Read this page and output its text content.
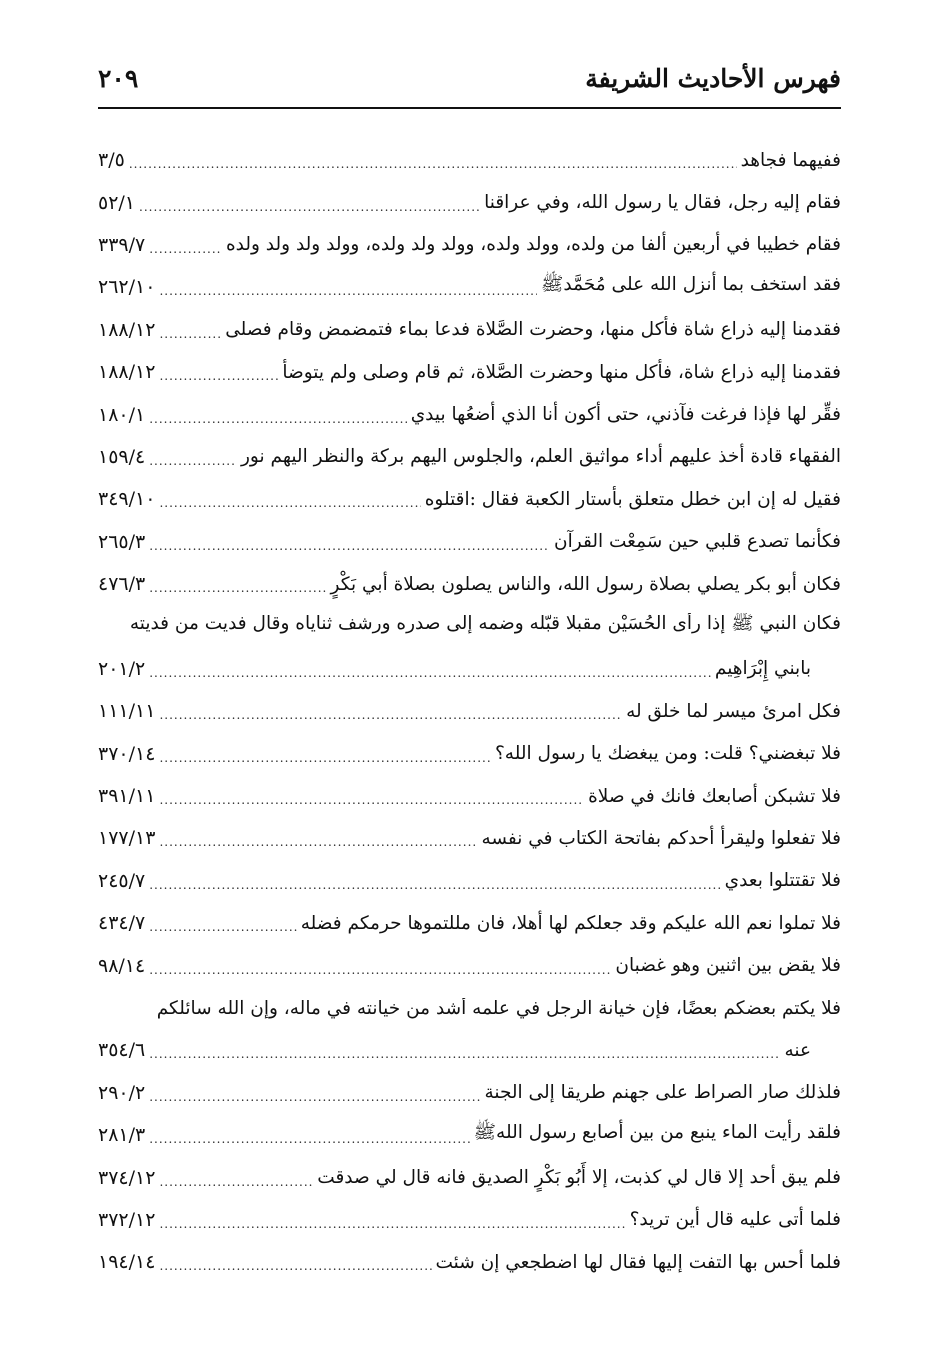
فهرس الأحاديث الشريفة
٢٠٩
ففيهما فجاهد
.....
٣/٥
فقام إليه رجل، فقال يا رسول الله، وفي عراقنا
.....
٥٢/١
فقام خطيبا في أربعين ألفا من ولده، وولد ولده، وولد ولد ولده، وولد ولد ولد ولده
.....
٣٣٩/٧
فقد استخف بما أنزل الله على مُحَمَّدﷺ
.....
٢٦٢/١٠
فقدمنا إليه ذراع شاة فأكل منها، وحضرت الصَّلاة فدعا بماء فتمضمض وقام فصلى
.....
١٨٨/١٢
فقدمنا إليه ذراع شاة، فأكل منها وحضرت الصَّلاة، ثم قام وصلى ولم يتوضأ
.....
١٨٨/١٢
فقِّر لها فإذا فرغت فآذني، حتى أكون أنا الذي أضعُها بيدي
.....
١٨٠/١
الفقهاء قادة أخذ عليهم أداء مواثيق العلم، والجلوس اليهم بركة والنظر اليهم نور
.....
١٥٩/٤
فقيل له إن ابن خطل متعلق بأستار الكعبة فقال :اقتلوه
.....
٣٤٩/١٠
فكأنما تصدع قلبي حين سَمِعْت القرآن
.....
٢٦٥/٣
فكان أبو بكر يصلي بصلاة رسول الله، والناس يصلون بصلاة أبي بَكْرٍ
.....
٤٧٦/٣
فكان النبي ﷺ إذا رأى الحُسَيْن مقبلا قبّله وضمه إلى صدره ورشف ثناياه وقال فديت من فديته
بابني إِبْرَاهِيم
.....
٢٠١/٢
فكل امرئ ميسر لما خلق له
.....
١١١/١١
فلا تبغضني؟ قلت: ومن يبغضك يا رسول الله؟
.....
٣٧٠/١٤
فلا تشبكن أصابعك فانك في صلاة
.....
٣٩١/١١
فلا تفعلوا وليقرأ أحدكم بفاتحة الكتاب في نفسه
.....
١٧٧/١٣
فلا تقتتلوا بعدي
.....
٢٤٥/٧
فلا تملوا نعم الله عليكم وقد جعلكم لها أهلا، فان مللتموها حرمكم فضله
.....
٤٣٤/٧
فلا يقض بين اثنين وهو غضبان
.....
٩٨/١٤
فلا يكتم بعضكم بعضًا، فإن خيانة الرجل في علمه أشد من خيانته في ماله، وإن الله سائلكم
عنه
.....
٣٥٤/٦
فلذلك صار الصراط على جهنم طريقا إلى الجنة
.....
٢٩٠/٢
فلقد رأيت الماء ينبع من بين أصابع رسول اللهﷺ
.....
٢٨١/٣
فلم يبق أحد إلا قال لي كذبت، إلا أَبُو بَكْرٍ الصديق فانه قال لي صدقت
.....
٣٧٤/١٢
فلما أتى عليه قال أين تريد؟
.....
٣٧٢/١٢
فلما أحس بها التفت إليها فقال لها اضطجعي إن شئت
.....
١٩٤/١٤
